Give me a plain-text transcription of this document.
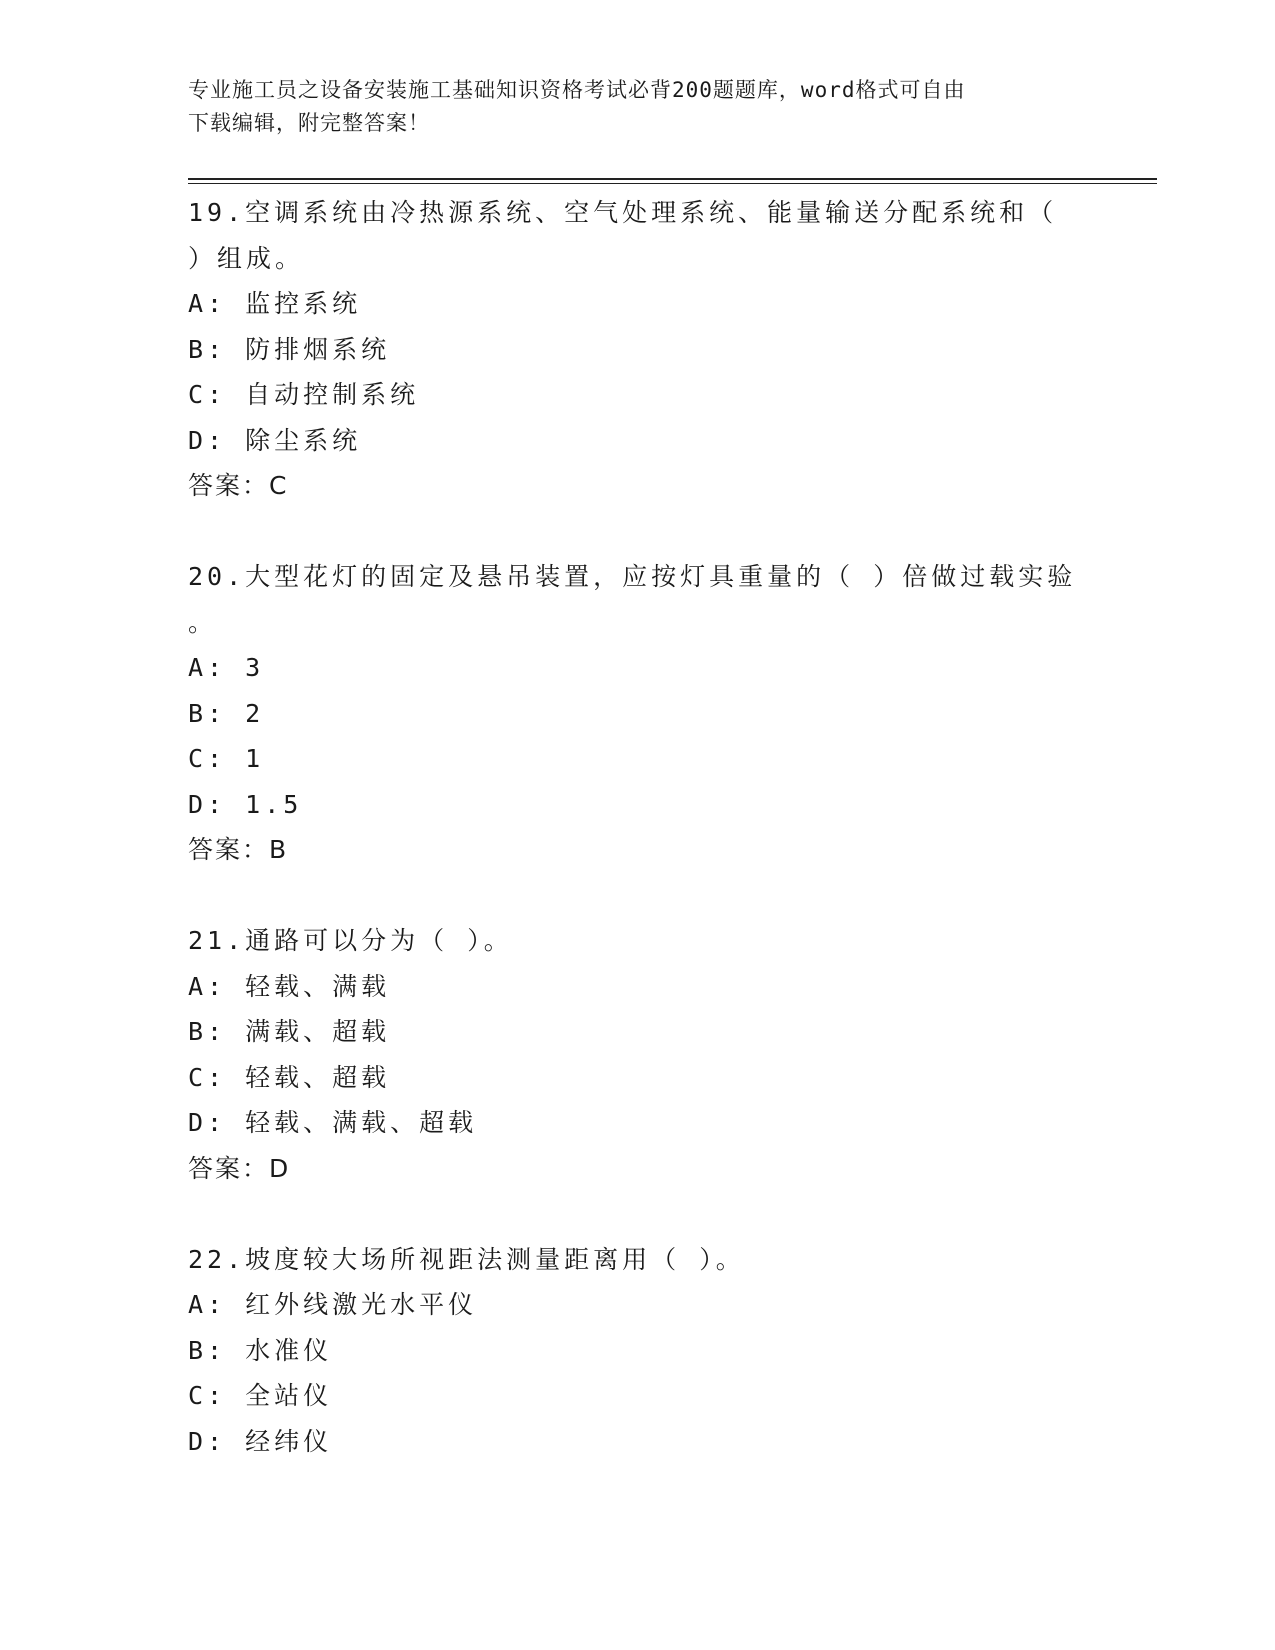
专业施工员之设备安装施工基础知识资格考试必背200题题库，word格式可自由
下载编辑，附完整答案！
19.空调系统由冷热源系统、空气处理系统、能量输送分配系统和（
）组成。
A: 监控系统
B: 防排烟系统
C: 自动控制系统
D: 除尘系统
答案：C
20.大型花灯的固定及悬吊装置，应按灯具重量的（ ）倍做过载实验
。
A: 3
B: 2
C: 1
D: 1.5
答案：B
21.通路可以分为（ ）。
A: 轻载、满载
B: 满载、超载
C: 轻载、超载
D: 轻载、满载、超载
答案：D
22.坡度较大场所视距法测量距离用（ ）。
A: 红外线激光水平仪
B: 水准仪
C: 全站仪
D: 经纬仪
